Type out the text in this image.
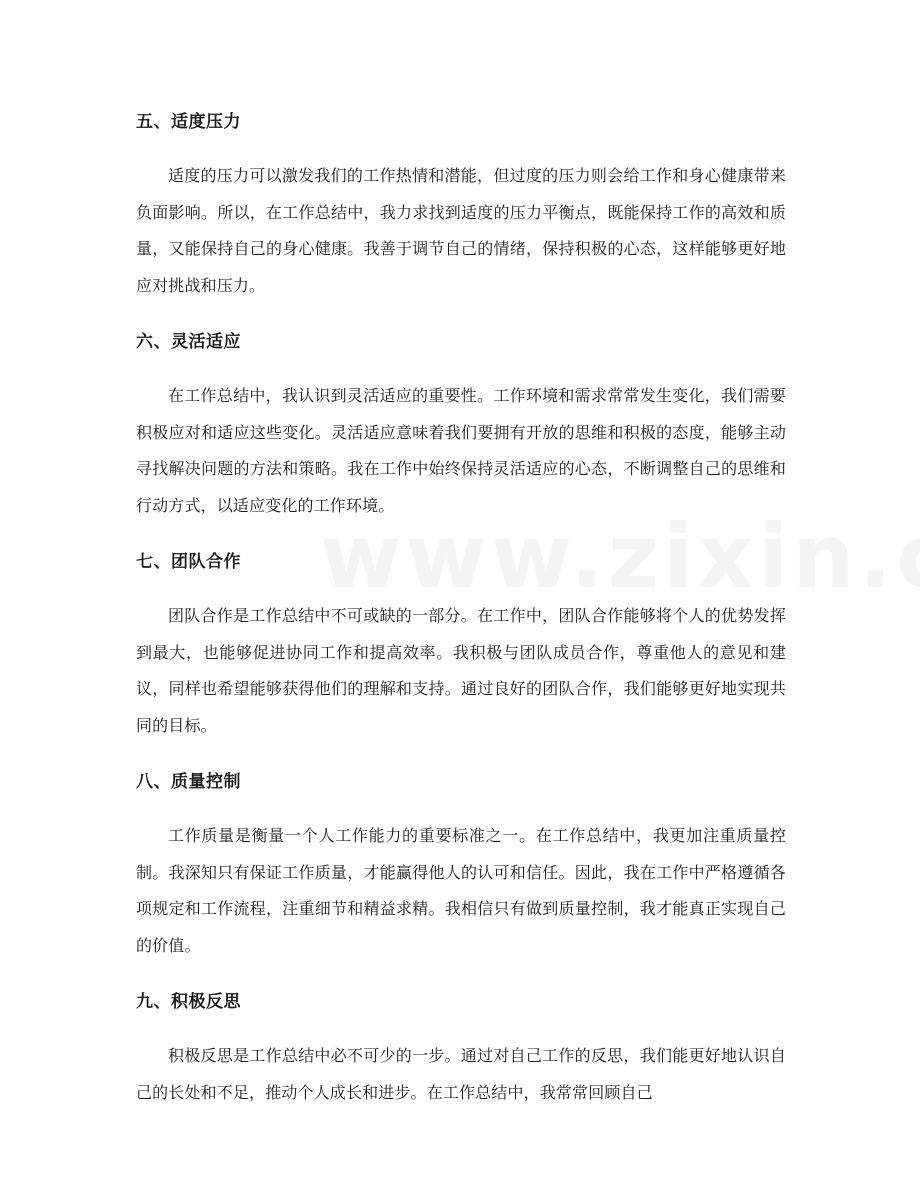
五、适度压力

适度的压力可以激发我们的工作热情和潜能，但过度的压力则会给工作和身心健康带来负面影响。所以，在工作总结中，我力求找到适度的压力平衡点，既能保持工作的高效和质量，又能保持自己的身心健康。我善于调节自己的情绪，保持积极的心态，这样能够更好地应对挑战和压力。

六、灵活适应

在工作总结中，我认识到灵活适应的重要性。工作环境和需求常常发生变化，我们需要积极应对和适应这些变化。灵活适应意味着我们要拥有开放的思维和积极的态度，能够主动寻找解决问题的方法和策略。我在工作中始终保持灵活适应的心态，不断调整自己的思维和行动方式，以适应变化的工作环境。

七、团队合作

团队合作是工作总结中不可或缺的一部分。在工作中，团队合作能够将个人的优势发挥到最大，也能够促进协同工作和提高效率。我积极与团队成员合作，尊重他人的意见和建议，同样也希望能够获得他们的理解和支持。通过良好的团队合作，我们能够更好地实现共同的目标。

八、质量控制

工作质量是衡量一个人工作能力的重要标准之一。在工作总结中，我更加注重质量控制。我深知只有保证工作质量，才能赢得他人的认可和信任。因此，我在工作中严格遵循各项规定和工作流程，注重细节和精益求精。我相信只有做到质量控制，我才能真正实现自己的价值。

九、积极反思

积极反思是工作总结中必不可少的一步。通过对自己工作的反思，我们能更好地认识自己的长处和不足，推动个人成长和进步。在工作总结中，我常常回顾自己
